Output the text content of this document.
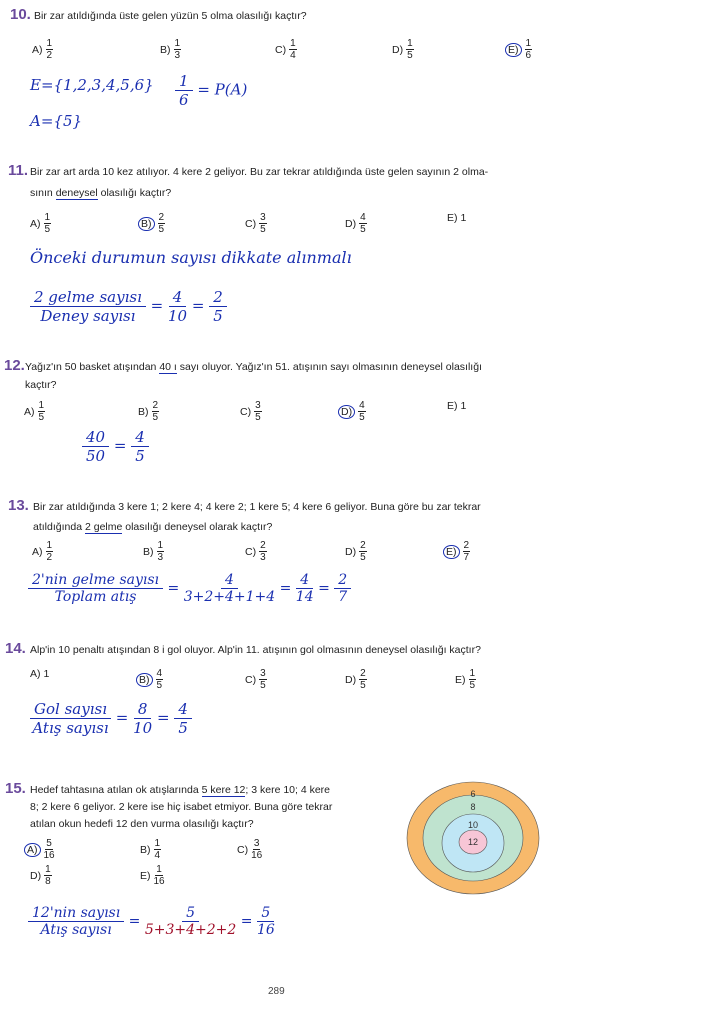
10. Bir zar atıldığında üste gelen yüzün 5 olma olasılığı kaçtır?
E={1,2,3,4,5,6}
A={5}
$\frac{1}{6} = P(A)$
11. Bir zar art arda 10 kez atılıyor. 4 kere 2 geliyor. Bu zar tekrar atıldığında üste gelen sayının 2 olma-
sının deneysel olasılığı kaçtır?
Önceki durumun sayısı dikkate alınmalı
2 gelme sayısı
Deney sayısı
= $\frac{4}{10} = \frac{2}{5}$
12. Yağız'ın 50 basket atışından 40 ı sayı oluyor. Yağız'ın 51. atışının sayı olmasının deneysel olasılığı
kaçtır?
$\frac{40}{50} = \frac{4}{5}$
13. Bir zar atıldığında 3 kere 1; 2 kere 4; 4 kere 2; 1 kere 5; 4 kere 6 geliyor. Buna göre bu zar tekrar
atıldığında 2 gelme olasılığı deneysel olarak kaçtır?
2'nin gelme sayısı
Toplam atış
= $\frac{4}{3+2+4+1+4} = \frac{4}{14} = \frac{2}{7}$
14. Alp'in 10 penaltı atışından 8 i gol oluyor. Alp'in 11. atışının gol olmasının deneysel olasılığı kaçtır?
Gol sayısı
Atış sayısı
= $\frac{8}{10} = \frac{4}{5}$
15. Hedef tahtasına atılan ok atışlarında 5 kere 12; 3 kere 10; 4 kere
8; 2 kere 6 geliyor. 2 kere ise hiç isabet etmiyor. Buna göre tekrar
atılan okun hedefi 12 den vurma olasılığı kaçtır?
6
8
10
12
12'nin sayısı
Atış sayısı
= $\frac{5}{5+3+4+2+2} = \frac{5}{16}$
289
$A) \frac{1}{2}$	$B) \frac{1}{3}$	$C) \frac{1}{4}$	$D) \frac{1}{5}$	$E) \frac{1}{6}$
$A) \frac{1}{5}$	$B) \frac{2}{5}$	$C) \frac{3}{5}$	$D) \frac{4}{5}$	E) 1
$A) \frac{1}{5}$	$B) \frac{2}{5}$	$C) \frac{3}{5}$	$D) \frac{4}{5}$	E) 1
$A) \frac{1}{2}$	$B) \frac{1}{3}$	$C) \frac{2}{3}$	$D) \frac{2}{5}$	$E) \frac{2}{7}$
A) 1	$B) \frac{4}{5}$	$C) \frac{3}{5}$	$D) \frac{2}{5}$	$E) \frac{1}{5}$
$A) \frac{5}{16}$	$B) \frac{1}{4}$	$C) \frac{3}{16}$
$D) \frac{1}{8}$	$E) \frac{1}{16}$
